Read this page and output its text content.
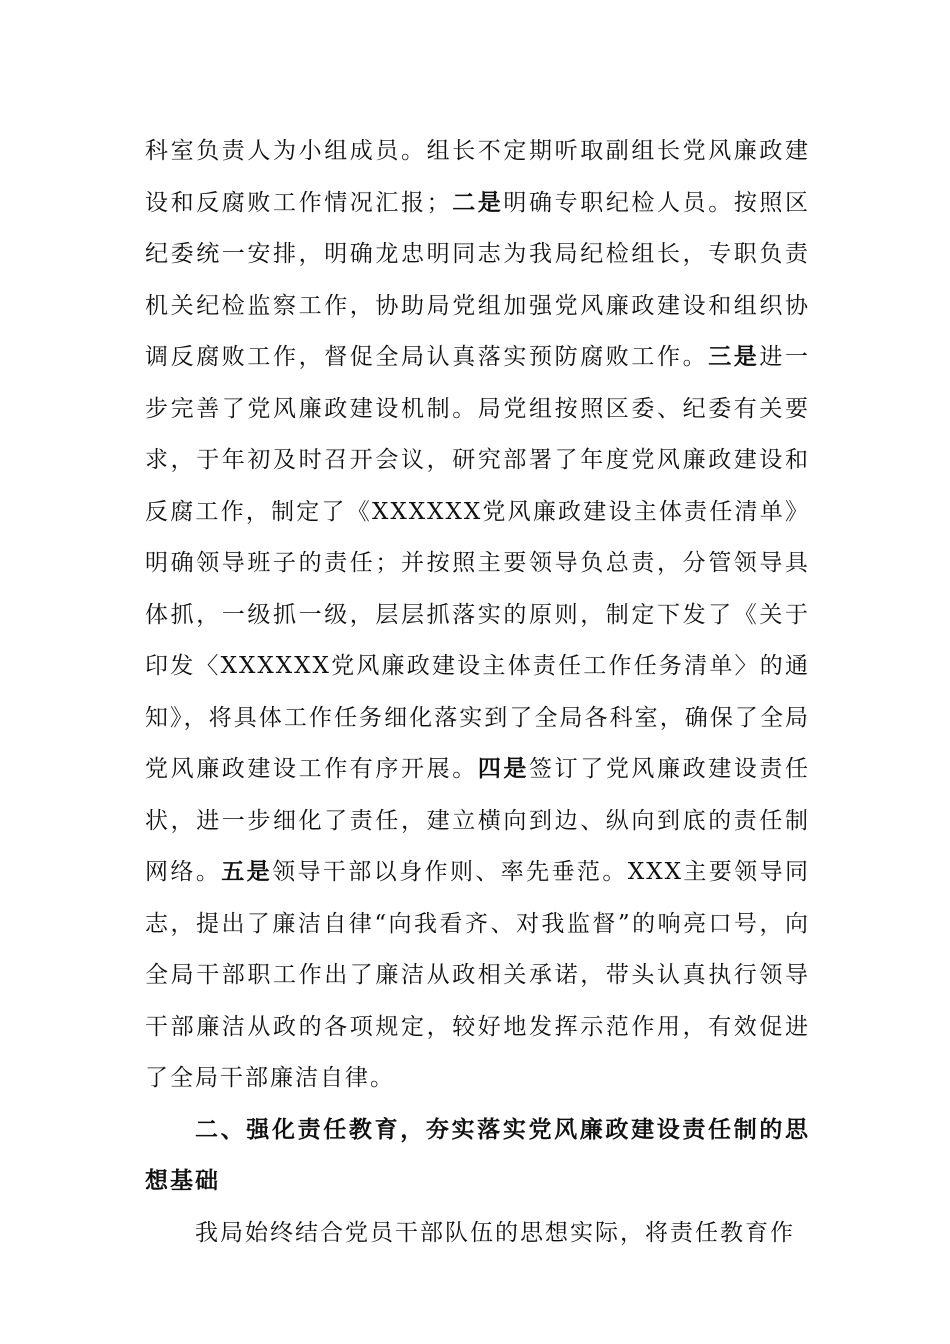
科室负责人为小组成员。组长不定期听取副组长党风廉政建设和反腐败工作情况汇报；二是明确专职纪检人员。按照区纪委统一安排，明确龙忠明同志为我局纪检组长，专职负责机关纪检监察工作，协助局党组加强党风廉政建设和组织协调反腐败工作，督促全局认真落实预防腐败工作。三是进一步完善了党风廉政建设机制。局党组按照区委、纪委有关要求，于年初及时召开会议，研究部署了年度党风廉政建设和反腐工作，制定了《XXXXXX党风廉政建设主体责任清单》明确领导班子的责任；并按照主要领导负总责，分管领导具体抓，一级抓一级，层层抓落实的原则，制定下发了《关于印发〈XXXXXX党风廉政建设主体责任工作任务清单〉的通知》，将具体工作任务细化落实到了全局各科室，确保了全局党风廉政建设工作有序开展。四是签订了党风廉政建设责任状，进一步细化了责任，建立横向到边、纵向到底的责任制网络。五是领导干部以身作则、率先垂范。XXX主要领导同志，提出了廉洁自律“向我看齐、对我监督”的响亮口号，向全局干部职工作出了廉洁从政相关承诺，带头认真执行领导干部廉洁从政的各项规定，较好地发挥示范作用，有效促进了全局干部廉洁自律。

二、强化责任教育，夯实落实党风廉政建设责任制的思想基础

我局始终结合党员干部队伍的思想实际，将责任教育作
